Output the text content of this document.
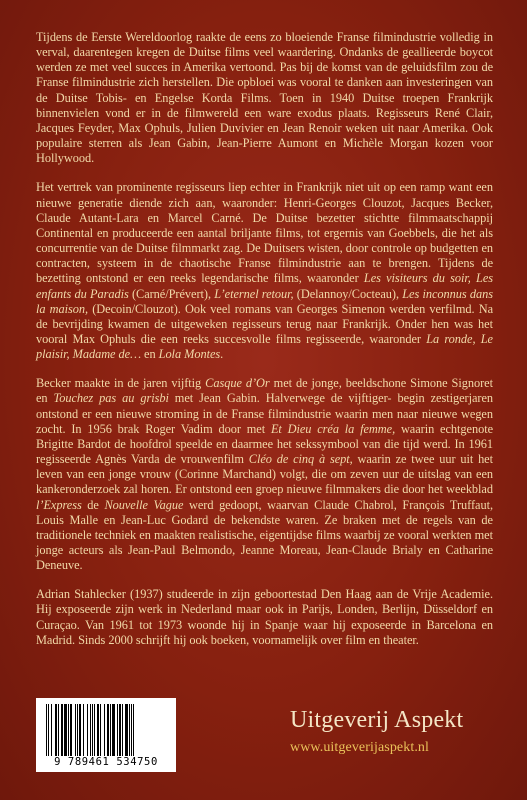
Tijdens de Eerste Wereldoorlog raakte de eens zo bloeiende Franse filmindustrie volledig in verval, daarentegen kregen de Duitse films veel waardering. Ondanks de geallieerde boycot werden ze met veel succes in Amerika vertoond. Pas bij de komst van de geluidsfilm zou de Franse filmindustrie zich herstellen. Die opbloei was vooral te danken aan investeringen van de Duitse Tobis- en Engelse Korda Films. Toen in 1940 Duitse troepen Frankrijk binnenvielen vond er in de filmwereld een ware exodus plaats. Regisseurs René Clair, Jacques Feyder, Max Ophuls, Julien Duvivier en Jean Renoir weken uit naar Amerika. Ook populaire sterren als Jean Gabin, Jean-Pierre Aumont en Michèle Morgan kozen voor Hollywood.

Het vertrek van prominente regisseurs liep echter in Frankrijk niet uit op een ramp want een nieuwe generatie diende zich aan, waaronder: Henri-Georges Clouzot, Jacques Becker, Claude Autant-Lara en Marcel Carné. De Duitse bezetter stichtte filmmaatschappij Continental en produceerde een aantal briljante films, tot ergernis van Goebbels, die het als concurrentie van de Duitse filmmarkt zag. De Duitsers wisten, door controle op budgetten en contracten, systeem in de chaotische Franse filmindustrie aan te brengen. Tijdens de bezetting ontstond er een reeks legendarische films, waaronder Les visiteurs du soir, Les enfants du Paradis (Carné/Prévert), L’eternel retour, (Delannoy/Cocteau), Les inconnus dans la maison, (Decoin/Clouzot). Ook veel romans van Georges Simenon werden verfilmd. Na de bevrijding kwamen de uitgeweken regisseurs terug naar Frankrijk. Onder hen was het vooral Max Ophuls die een reeks succesvolle films regisseerde, waaronder La ronde, Le plaisir, Madame de… en Lola Montes.

Becker maakte in de jaren vijftig Casque d’Or met de jonge, beeldschone Simone Signoret en Touchez pas au grisbi met Jean Gabin. Halverwege de vijftiger- begin zestigerjaren ontstond er een nieuwe stroming in de Franse filmindustrie waarin men naar nieuwe wegen zocht. In 1956 brak Roger Vadim door met Et Dieu créa la femme, waarin echtgenote Brigitte Bardot de hoofdrol speelde en daarmee het sekssymbool van die tijd werd. In 1961 regisseerde Agnès Varda de vrouwenfilm Cléo de cinq à sept, waarin ze twee uur uit het leven van een jonge vrouw (Corinne Marchand) volgt, die om zeven uur de uitslag van een kankeronderzoek zal horen. Er ontstond een groep nieuwe filmmakers die door het weekblad l’Express de Nouvelle Vague werd gedoopt, waarvan Claude Chabrol, François Truffaut, Louis Malle en Jean-Luc Godard de bekendste waren. Ze braken met de regels van de traditionele techniek en maakten realistische, eigentijdse films waarbij ze vooral werkten met jonge acteurs als Jean-Paul Belmondo, Jeanne Moreau, Jean-Claude Brialy en Catharine Deneuve.

Adrian Stahlecker (1937) studeerde in zijn geboortestad Den Haag aan de Vrije Academie. Hij exposeerde zijn werk in Nederland maar ook in Parijs, Londen, Berlijn, Düsseldorf en Curaçao. Van 1961 tot 1973 woonde hij in Spanje waar hij exposeerde in Barcelona en Madrid. Sinds 2000 schrijft hij ook boeken, voornamelijk over film en theater.

9 789461 534750
Uitgeverij Aspekt
www.uitgeverijaspekt.nl
